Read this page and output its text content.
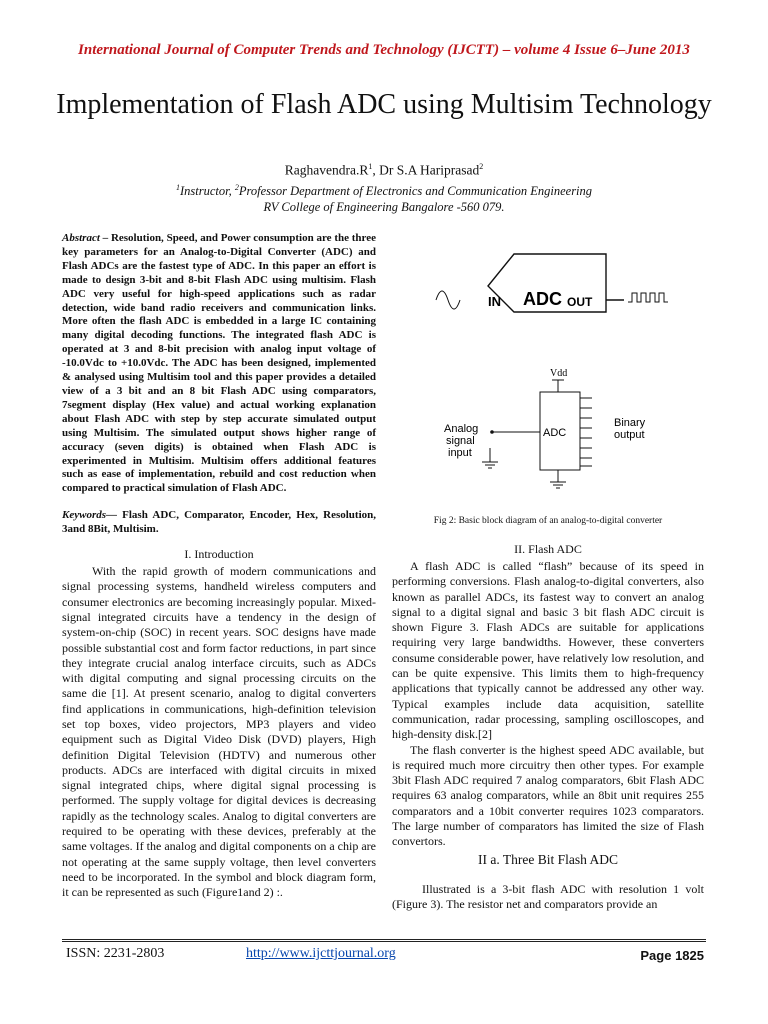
International Journal of Computer Trends and Technology (IJCTT) – volume 4 Issue 6–June 2013
Implementation of Flash ADC using Multisim Technology
$Raghavendra.R^1$, Dr S.A Hariprasad$^2$
$^1$Instructor, $^2$Professor Department of Electronics and Communication Engineering
RV College of Engineering Bangalore -560 079.

Abstract – Resolution, Speed, and Power consumption are the three key parameters for an Analog-to-Digital Converter (ADC) and Flash ADCs are the fastest type of ADC. In this paper an effort is made to design 3-bit and 8-bit Flash ADC using multisim. Flash ADC very useful for high-speed applications such as radar detection, wide band radio receivers and communication links. More often the flash ADC is embedded in a large IC containing many digital decoding functions. The integrated flash ADC is operated at 3 and 8-bit precision with analog input voltage of -10.0Vdc to +10.0Vdc. The ADC has been designed, implemented & analysed using Multisim tool and this paper provides a detailed view of a 3 bit and an 8 bit Flash ADC using comparators, 7segment display (Hex value) and actual working explanation about Flash ADC with step by step accurate simulated output using Multisim. The simulated output shows higher range of accuracy (seven digits) is obtained when Flash ADC is experimented in Multisim. Multisim offers additional features such as ease of implementation, rebuild and cost reduction when compared to practical simulation of Flash ADC.

Keywords— Flash ADC, Comparator, Encoder, Hex, Resolution, 3and 8Bit, Multisim.

I. Introduction

With the rapid growth of modern communications and signal processing systems, handheld wireless computers and consumer electronics are becoming increasingly popular. Mixed-signal integrated circuits have a tendency in the design of system-on-chip (SOC) in recent years. SOC designs have made possible substantial cost and form factor reductions, in part since they integrate crucial analog interface circuits, such as ADCs with digital computing and signal processing circuits on the same die [1]. At present scenario, analog to digital converters find applications in communications, high-definition television set top boxes, video projectors, MP3 players and video equipment such as Digital Video Disk (DVD) players, High definition Digital Television (HDTV) and numerous other products. ADCs are interfaced with digital circuits in mixed signal integrated chips, where digital signal processing is performed. The supply voltage for digital devices is decreasing rapidly as the technology scales. Analog to digital converters are required to be operating with these devices, preferably at the same voltages. If the analog and digital components on a chip are not operating at the same supply voltage, then level converters need to be incorporated. In the symbol and block diagram form, it can be represented as such (Figure1and 2) :.

IN ADC OUT
Vdd
ADC
Analog
signal
input
Binary
output

Fig 2: Basic block diagram of an analog-to-digital converter

II. Flash ADC

A flash ADC is called “flash” because of its speed in performing conversions. Flash analog-to-digital converters, also known as parallel ADCs, its fastest way to convert an analog signal to a digital signal and basic 3 bit flash ADC circuit is shown Figure 3. Flash ADCs are suitable for applications requiring very large bandwidths. However, these converters consume considerable power, have relatively low resolution, and can be quite expensive. This limits them to high-frequency applications that typically cannot be addressed any other way. Typical examples include data acquisition, satellite communication, radar processing, sampling oscilloscopes, and high-density disk.[2]

The flash converter is the highest speed ADC available, but is required much more circuitry then other types. For example 3bit Flash ADC required 7 analog comparators, 6bit Flash ADC requires 63 analog comparators, while an 8bit unit requires 255 comparators and a 10bit converter requires 1023 comparators. The large number of comparators has limited the size of Flash convertors.

II a. Three Bit Flash ADC

Illustrated is a 3-bit flash ADC with resolution 1 volt (Figure 3). The resistor net and comparators provide an

ISSN: 2231-2803	http://www.ijcttjournal.org	Page 1825
